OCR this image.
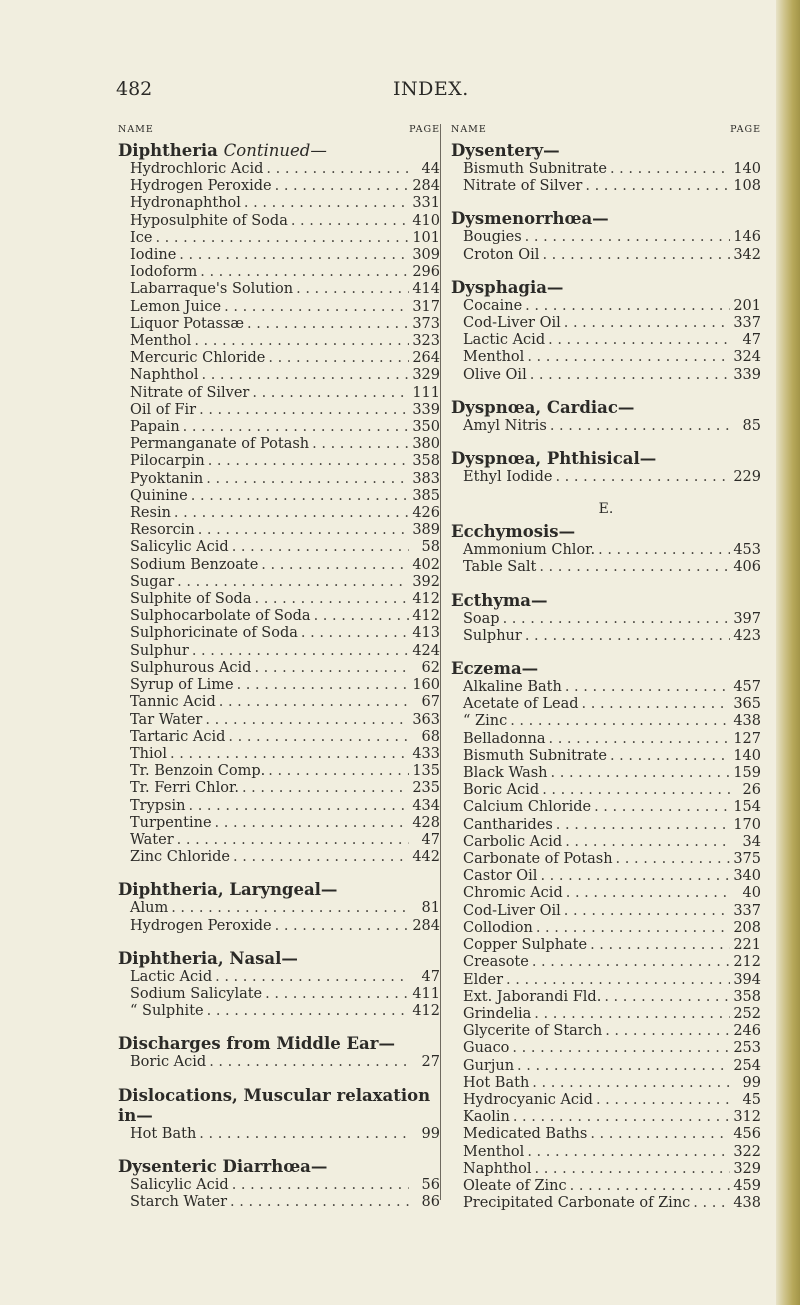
482	INDEX.
NAME	PAGE
Diphtheria Continued—
Hydrochloric Acid . . .	44
Hydrogen Peroxide . . .	284
Hydronaphthol . . .	331
Hyposulphite of Soda . . .	410
Ice . . .	101
Iodine . . .	309
Iodoform . . .	296
Labarraque's Solution . . .	414
Lemon Juice . . .	317
Liquor Potassæ . . .	373
Menthol . . .	323
Mercuric Chloride . . .	264
Naphthol . . .	329
Nitrate of Silver . . .	111
Oil of Fir . . .	339
Papain . . .	350
Permanganate of Potash . . .	380
Pilocarpin . . .	358
Pyoktanin . . .	383
Quinine . . .	385
Resin . . .	426
Resorcin . . .	389
Salicylic Acid . . .	58
Sodium Benzoate . . .	402
Sugar . . .	392
Sulphite of Soda . . .	412
Sulphocarbolate of Soda . . .	412
Sulphoricinate of Soda . . .	413
Sulphur . . .	424
Sulphurous Acid . . .	62
Syrup of Lime . . .	160
Tannic Acid . . .	67
Tar Water . . .	363
Tartaric Acid . . .	68
Thiol . . .	433
Tr. Benzoin Comp. . . .	135
Tr. Ferri Chlor. . . .	235
Trypsin . . .	434
Turpentine . . .	428
Water . . .	47
Zinc Chloride . . .	442
Diphtheria, Laryngeal—
Alum . . .	81
Hydrogen Peroxide . . .	284
Diphtheria, Nasal—
Lactic Acid . . .	47
Sodium Salicylate . . .	411
“ Sulphite . . .	412
Discharges from Middle Ear—
Boric Acid . . .	27
Dislocations, Muscular relaxation in—
Hot Bath . . .	99
Dysenteric Diarrhœa—
Salicylic Acid . . .	56
Starch Water . . .	86
NAME	PAGE
Dysentery—
Bismuth Subnitrate . . .	140
Nitrate of Silver . . .	108
Dysmenorrhœa—
Bougies . . .	146
Croton Oil . . .	342
Dysphagia—
Cocaine . . .	201
Cod-Liver Oil . . .	337
Lactic Acid . . .	47
Menthol . . .	324
Olive Oil . . .	339
Dyspnœa, Cardiac—
Amyl Nitris . . .	85
Dyspnœa, Phthisical—
Ethyl Iodide . . .	229
E.
Ecchymosis—
Ammonium Chlor. . . .	453
Table Salt . . .	406
Ecthyma—
Soap . . .	397
Sulphur . . .	423
Eczema—
Alkaline Bath . . .	457
Acetate of Lead . . .	365
“ Zinc . . .	438
Belladonna . . .	127
Bismuth Subnitrate . . .	140
Black Wash . . .	159
Boric Acid . . .	26
Calcium Chloride . . .	154
Cantharides . . .	170
Carbolic Acid . . .	34
Carbonate of Potash . . .	375
Castor Oil . . .	340
Chromic Acid . . .	40
Cod-Liver Oil . . .	337
Collodion . . .	208
Copper Sulphate . . .	221
Creasote . . .	212
Elder . . .	394
Ext. Jaborandi Fld. . . .	358
Grindelia . . .	252
Glycerite of Starch . . .	246
Guaco . . .	253
Gurjun . . .	254
Hot Bath . . .	99
Hydrocyanic Acid . . .	45
Kaolin . . .	312
Medicated Baths . . .	456
Menthol . . .	322
Naphthol . . .	329
Oleate of Zinc . . .	459
Precipitated Carbonate of Zinc . . .	438
